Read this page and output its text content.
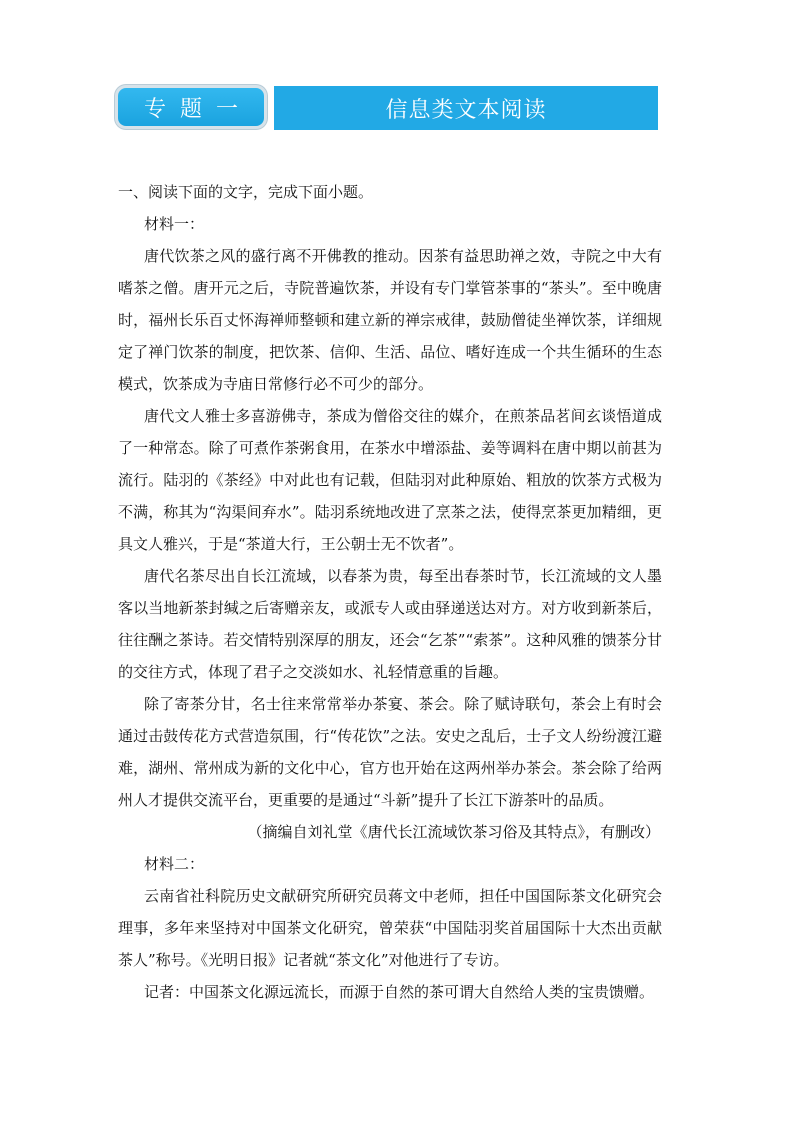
专题一	信息类文本阅读

一、阅读下面的文字，完成下面小题。

材料一：

唐代饮茶之风的盛行离不开佛教的推动。因茶有益思助禅之效，寺院之中大有嗜茶之僧。唐开元之后，寺院普遍饮茶，并设有专门掌管茶事的“茶头”。至中晚唐时，福州长乐百丈怀海禅师整顿和建立新的禅宗戒律，鼓励僧徒坐禅饮茶，详细规定了禅门饮茶的制度，把饮茶、信仰、生活、品位、嗜好连成一个共生循环的生态模式，饮茶成为寺庙日常修行必不可少的部分。

唐代文人雅士多喜游佛寺，茶成为僧俗交往的媒介，在煎茶品茗间玄谈悟道成了一种常态。除了可煮作茶粥食用，在茶水中增添盐、姜等调料在唐中期以前甚为流行。陆羽的《茶经》中对此也有记载，但陆羽对此种原始、粗放的饮茶方式极为不满，称其为“沟渠间弃水”。陆羽系统地改进了烹茶之法，使得烹茶更加精细，更具文人雅兴，于是“茶道大行，王公朝士无不饮者”。

唐代名茶尽出自长江流域，以春茶为贵，每至出春茶时节，长江流域的文人墨客以当地新茶封缄之后寄赠亲友，或派专人或由驿递送达对方。对方收到新茶后，往往酬之茶诗。若交情特别深厚的朋友，还会“乞茶”“索茶”。这种风雅的馈茶分甘的交往方式，体现了君子之交淡如水、礼轻情意重的旨趣。

除了寄茶分甘，名士往来常常举办茶宴、茶会。除了赋诗联句，茶会上有时会通过击鼓传花方式营造氛围，行“传花饮”之法。安史之乱后，士子文人纷纷渡江避难，湖州、常州成为新的文化中心，官方也开始在这两州举办茶会。茶会除了给两州人才提供交流平台，更重要的是通过“斗新”提升了长江下游茶叶的品质。

（摘编自刘礼堂《唐代长江流域饮茶习俗及其特点》，有删改）

材料二：

云南省社科院历史文献研究所研究员蒋文中老师，担任中国国际茶文化研究会理事，多年来坚持对中国茶文化研究，曾荣获“中国陆羽奖首届国际十大杰出贡献茶人”称号。《光明日报》记者就“茶文化”对他进行了专访。

记者：中国茶文化源远流长，而源于自然的茶可谓大自然给人类的宝贵馈赠。
